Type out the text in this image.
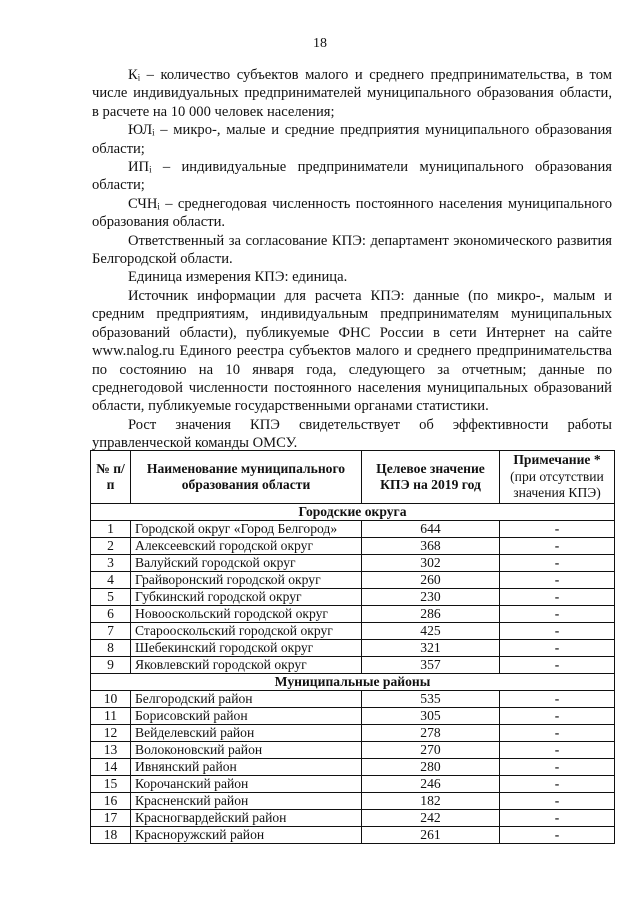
18

Кᵢ – количество субъектов малого и среднего предпринимательства, в том числе индивидуальных предпринимателей муниципального образования области, в расчете на 10 000 человек населения;

ЮЛᵢ – микро-, малые и средние предприятия муниципального образования области;

ИПᵢ – индивидуальные предприниматели муниципального образования области;

СЧНᵢ – среднегодовая численность постоянного населения муниципального образования области.

Ответственный за согласование КПЭ: департамент экономического развития Белгородской области.

Единица измерения КПЭ: единица.

Источник информации для расчета КПЭ: данные (по микро-, малым и средним предприятиям, индивидуальным предпринимателям муниципальных образований области), публикуемые ФНС России в сети Интернет на сайте www.nalog.ru Единого реестра субъектов малого и среднего предпринимательства по состоянию на 10 января года, следующего за отчетным; данные по среднегодовой численности постоянного населения муниципальных образований области, публикуемые государственными органами статистики.

Рост значения КПЭ свидетельствует об эффективности работы управленческой команды ОМСУ.

№ п/п	Наименование муниципального образования области	Целевое значение КПЭ на 2019 год	Примечание *
(при отсутствии значения КПЭ)
Городские округа			
1	Городской округ «Город Белгород»	644	-
2	Алексеевский городской округ	368	-
3	Валуйский городской округ	302	-
4	Грайворонский городской округ	260	-
5	Губкинский городской округ	230	-
6	Новооскольский городской округ	286	-
7	Старооскольский городской округ	425	-
8	Шебекинский городской округ	321	-
9	Яковлевский городской округ	357	-
Муниципальные районы			
10	Белгородский район	535	-
11	Борисовский район	305	-
12	Вейделевский район	278	-
13	Волоконовский район	270	-
14	Ивнянский район	280	-
15	Корочанский район	246	-
16	Красненский район	182	-
17	Красногвардейский район	242	-
18	Красноружский район	261	-
